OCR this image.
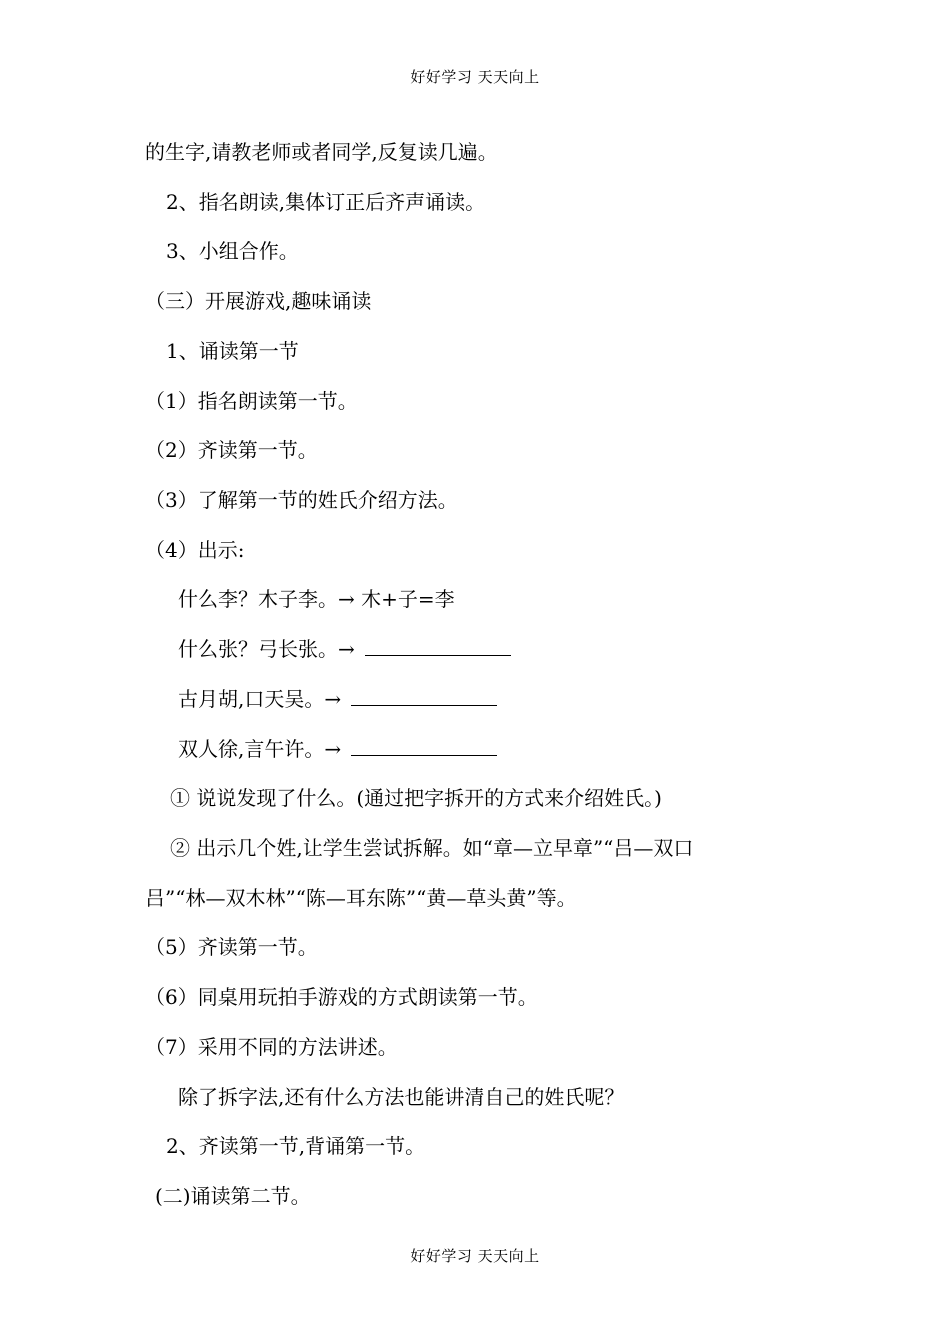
好好学习 天天向上
的生字,请教老师或者同学,反复读几遍。
2、指名朗读,集体订正后齐声诵读。
3、小组合作。
（三）开展游戏,趣味诵读
1、诵读第一节
（1）指名朗读第一节。
（2）齐读第一节。
（3）了解第一节的姓氏介绍方法。
（4）出示:
什么李？木子李。→ 木+子=李
什么张？弓长张。→
古月胡,口天吴。→
双人徐,言午许。→
① 说说发现了什么。(通过把字拆开的方式来介绍姓氏。)
② 出示几个姓,让学生尝试拆解。如“章—立早章”“吕—双口
吕”“林—双木林”“陈—耳东陈”“黄—草头黄”等。
（5）齐读第一节。
（6）同桌用玩拍手游戏的方式朗读第一节。
（7）采用不同的方法讲述。
除了拆字法,还有什么方法也能讲清自己的姓氏呢？
2、齐读第一节,背诵第一节。
(二)诵读第二节。
好好学习 天天向上
